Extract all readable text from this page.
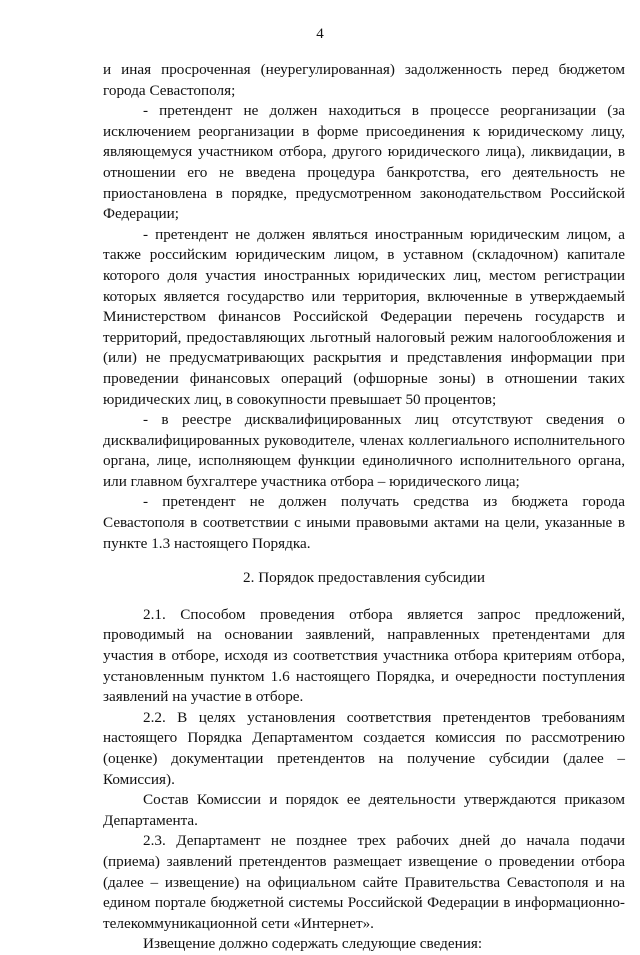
4

и иная просроченная (неурегулированная) задолженность перед бюджетом города Севастополя;

- претендент не должен находиться в процессе реорганизации (за исключением реорганизации в форме присоединения к юридическому лицу, являющемуся участником отбора, другого юридического лица), ликвидации, в отношении его не введена процедура банкротства, его деятельность не приостановлена в порядке, предусмотренном законодательством Российской Федерации;

- претендент не должен являться иностранным юридическим лицом, а также российским юридическим лицом, в уставном (складочном) капитале которого доля участия иностранных юридических лиц, местом регистрации которых является государство или территория, включенные в утверждаемый Министерством финансов Российской Федерации перечень государств и территорий, предоставляющих льготный налоговый режим налогообложения и (или) не предусматривающих раскрытия и представления информации при проведении финансовых операций (офшорные зоны) в отношении таких юридических лиц, в совокупности превышает 50 процентов;

- в реестре дисквалифицированных лиц отсутствуют сведения о дисквалифицированных руководителе, членах коллегиального исполнительного органа, лице, исполняющем функции единоличного исполнительного органа, или главном бухгалтере участника отбора – юридического лица;

- претендент не должен получать средства из бюджета города Севастополя в соответствии с иными правовыми актами на цели, указанные в пункте 1.3 настоящего Порядка.

2. Порядок предоставления субсидии

2.1. Способом проведения отбора является запрос предложений, проводимый на основании заявлений, направленных претендентами для участия в отборе, исходя из соответствия участника отбора критериям отбора, установленным пунктом 1.6 настоящего Порядка, и очередности поступления заявлений на участие в отборе.

2.2. В целях установления соответствия претендентов требованиям настоящего Порядка Департаментом создается комиссия по рассмотрению (оценке) документации претендентов на получение субсидии (далее – Комиссия).

Состав Комиссии и порядок ее деятельности утверждаются приказом Департамента.

2.3. Департамент не позднее трех рабочих дней до начала подачи (приема) заявлений претендентов размещает извещение о проведении отбора (далее – извещение) на официальном сайте Правительства Севастополя и на едином портале бюджетной системы Российской Федерации в информационно-телекоммуникационной сети «Интернет».

Извещение должно содержать следующие сведения:
